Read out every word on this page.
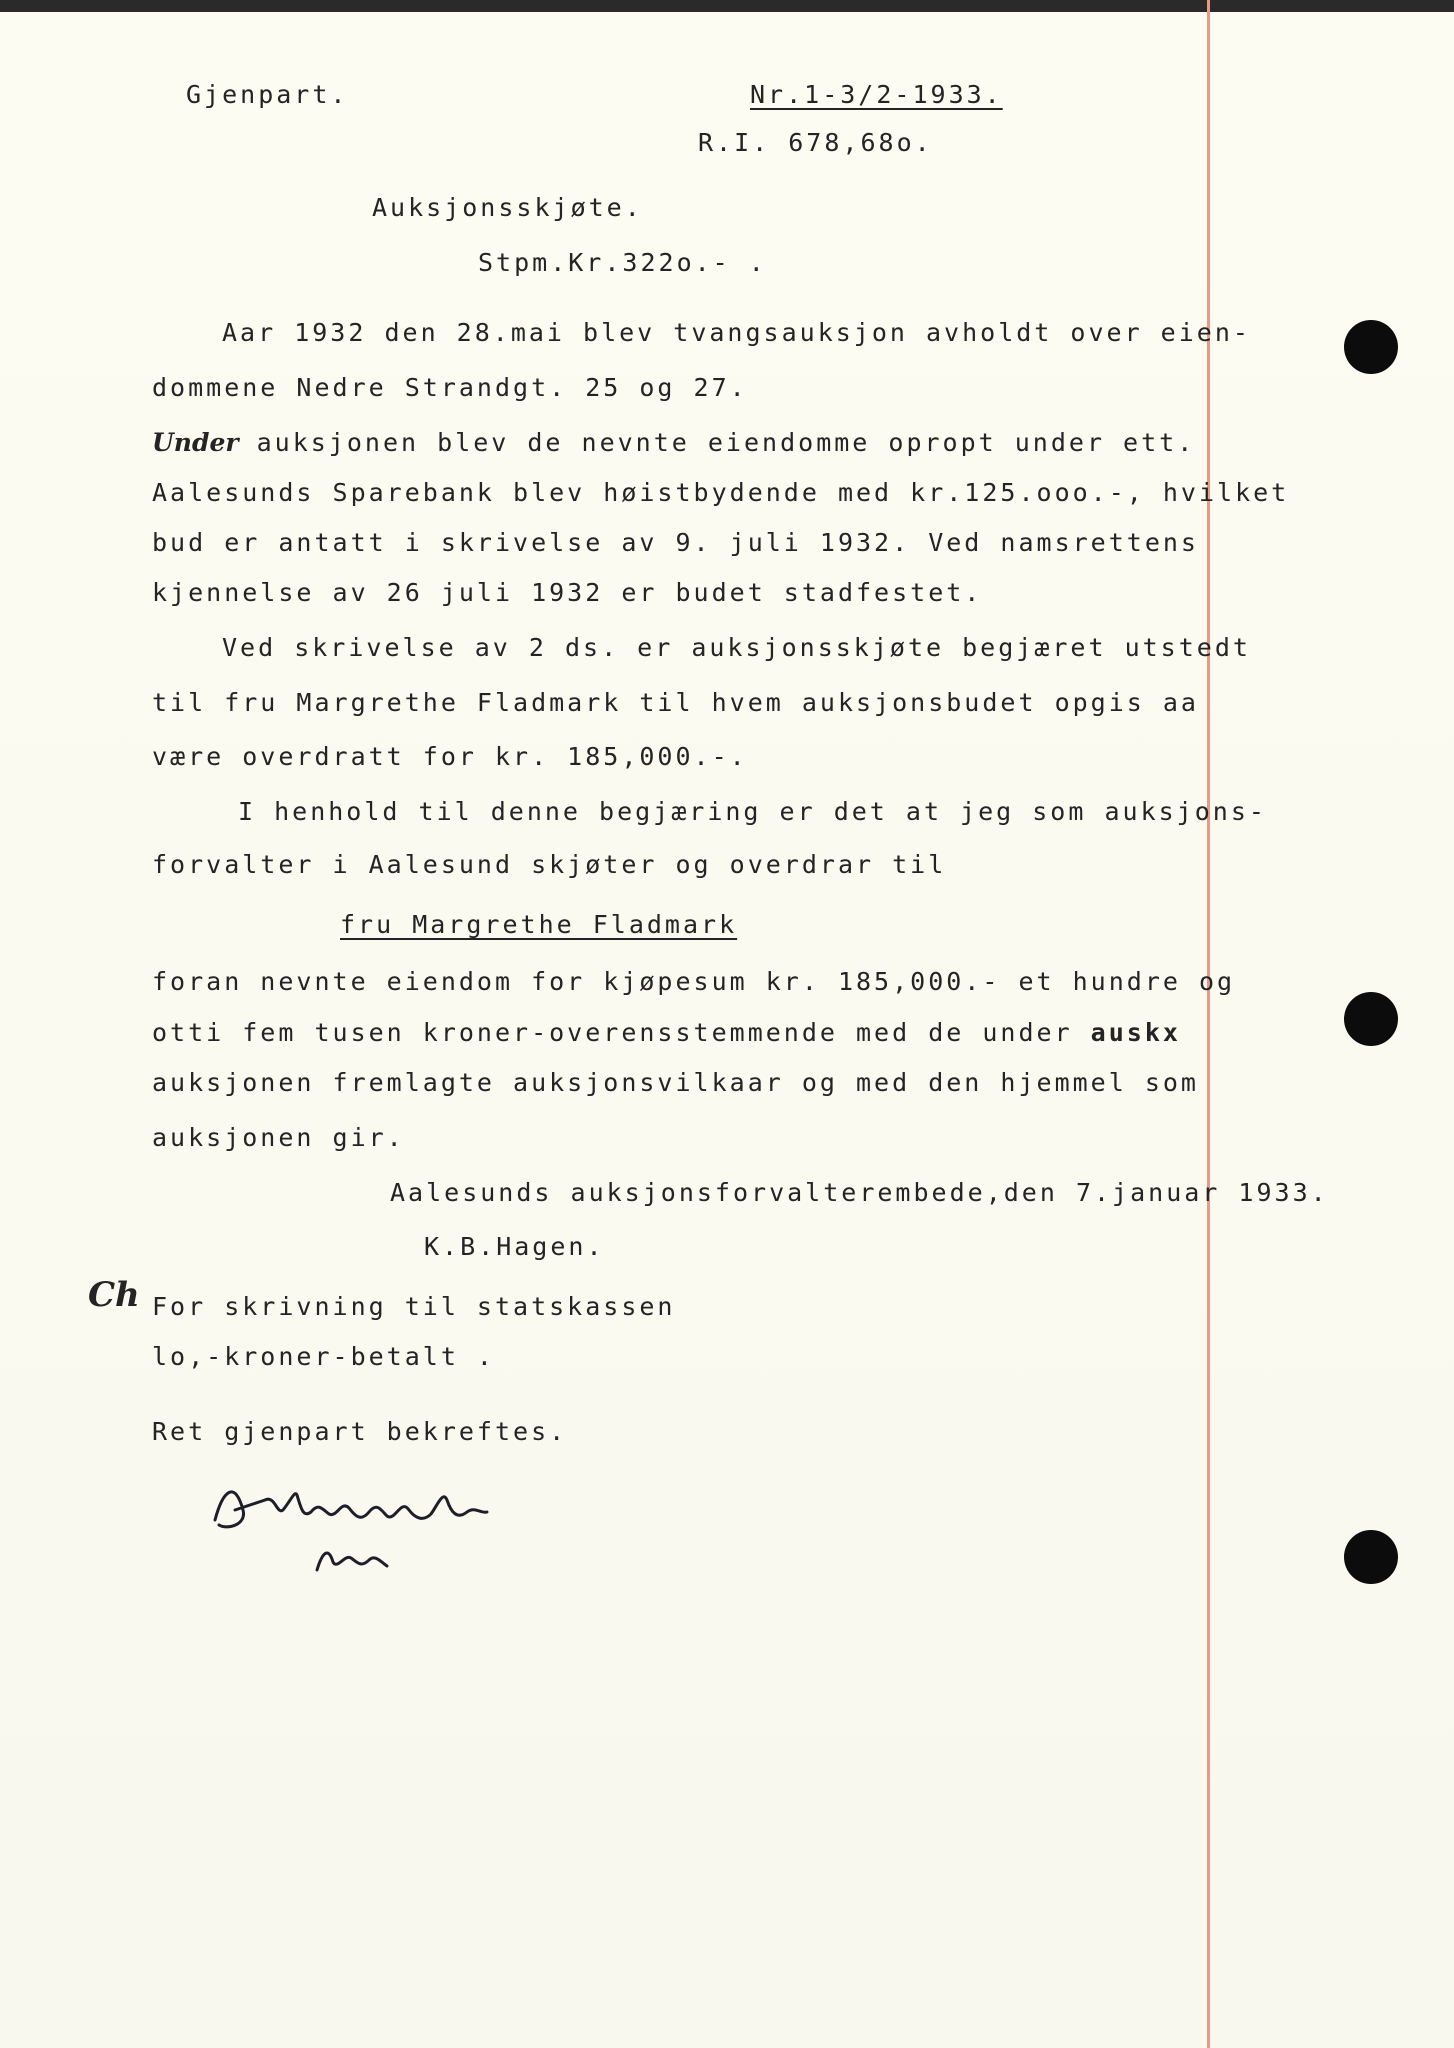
Gjenpart.	Nr.1-3/2-1933.
R.I. 678,68o.
Auksjonsskjøte.
Stpm.Kr.322o.- .
Aar 1932 den 28.mai blev tvangsauksjon avholdt over eien-
dommene Nedre Strandgt. 25 og 27.
Under auksjonen blev de nevnte eiendomme opropt under ett.
Aalesunds Sparebank blev høistbydende med kr.125.ooo.-, hvilket
bud er antatt i skrivelse av 9. juli 1932. Ved namsrettens
kjennelse av 26 juli 1932 er budet stadfestet.
Ved skrivelse av 2 ds. er auksjonsskjøte begjæret utstedt
til fru Margrethe Fladmark til hvem auksjonsbudet opgis aa
være overdratt for kr. 185,000.-.
I henhold til denne begjæring er det at jeg som auksjons-
forvalter i Aalesund skjøter og overdrar til
fru Margrethe Fladmark
foran nevnte eiendom for kjøpesum kr. 185,000.- et hundre og
otti fem tusen kroner-overensstemmende med de under auskx
auksjonen fremlagte auksjonsvilkaar og med den hjemmel som
auksjonen gir.
Aalesunds auksjonsforvalterembede,den 7.januar 1933.
K.B.Hagen.
Ch For skrivning til statskassen
lo,-kroner-betalt .
Ret gjenpart bekreftes.
